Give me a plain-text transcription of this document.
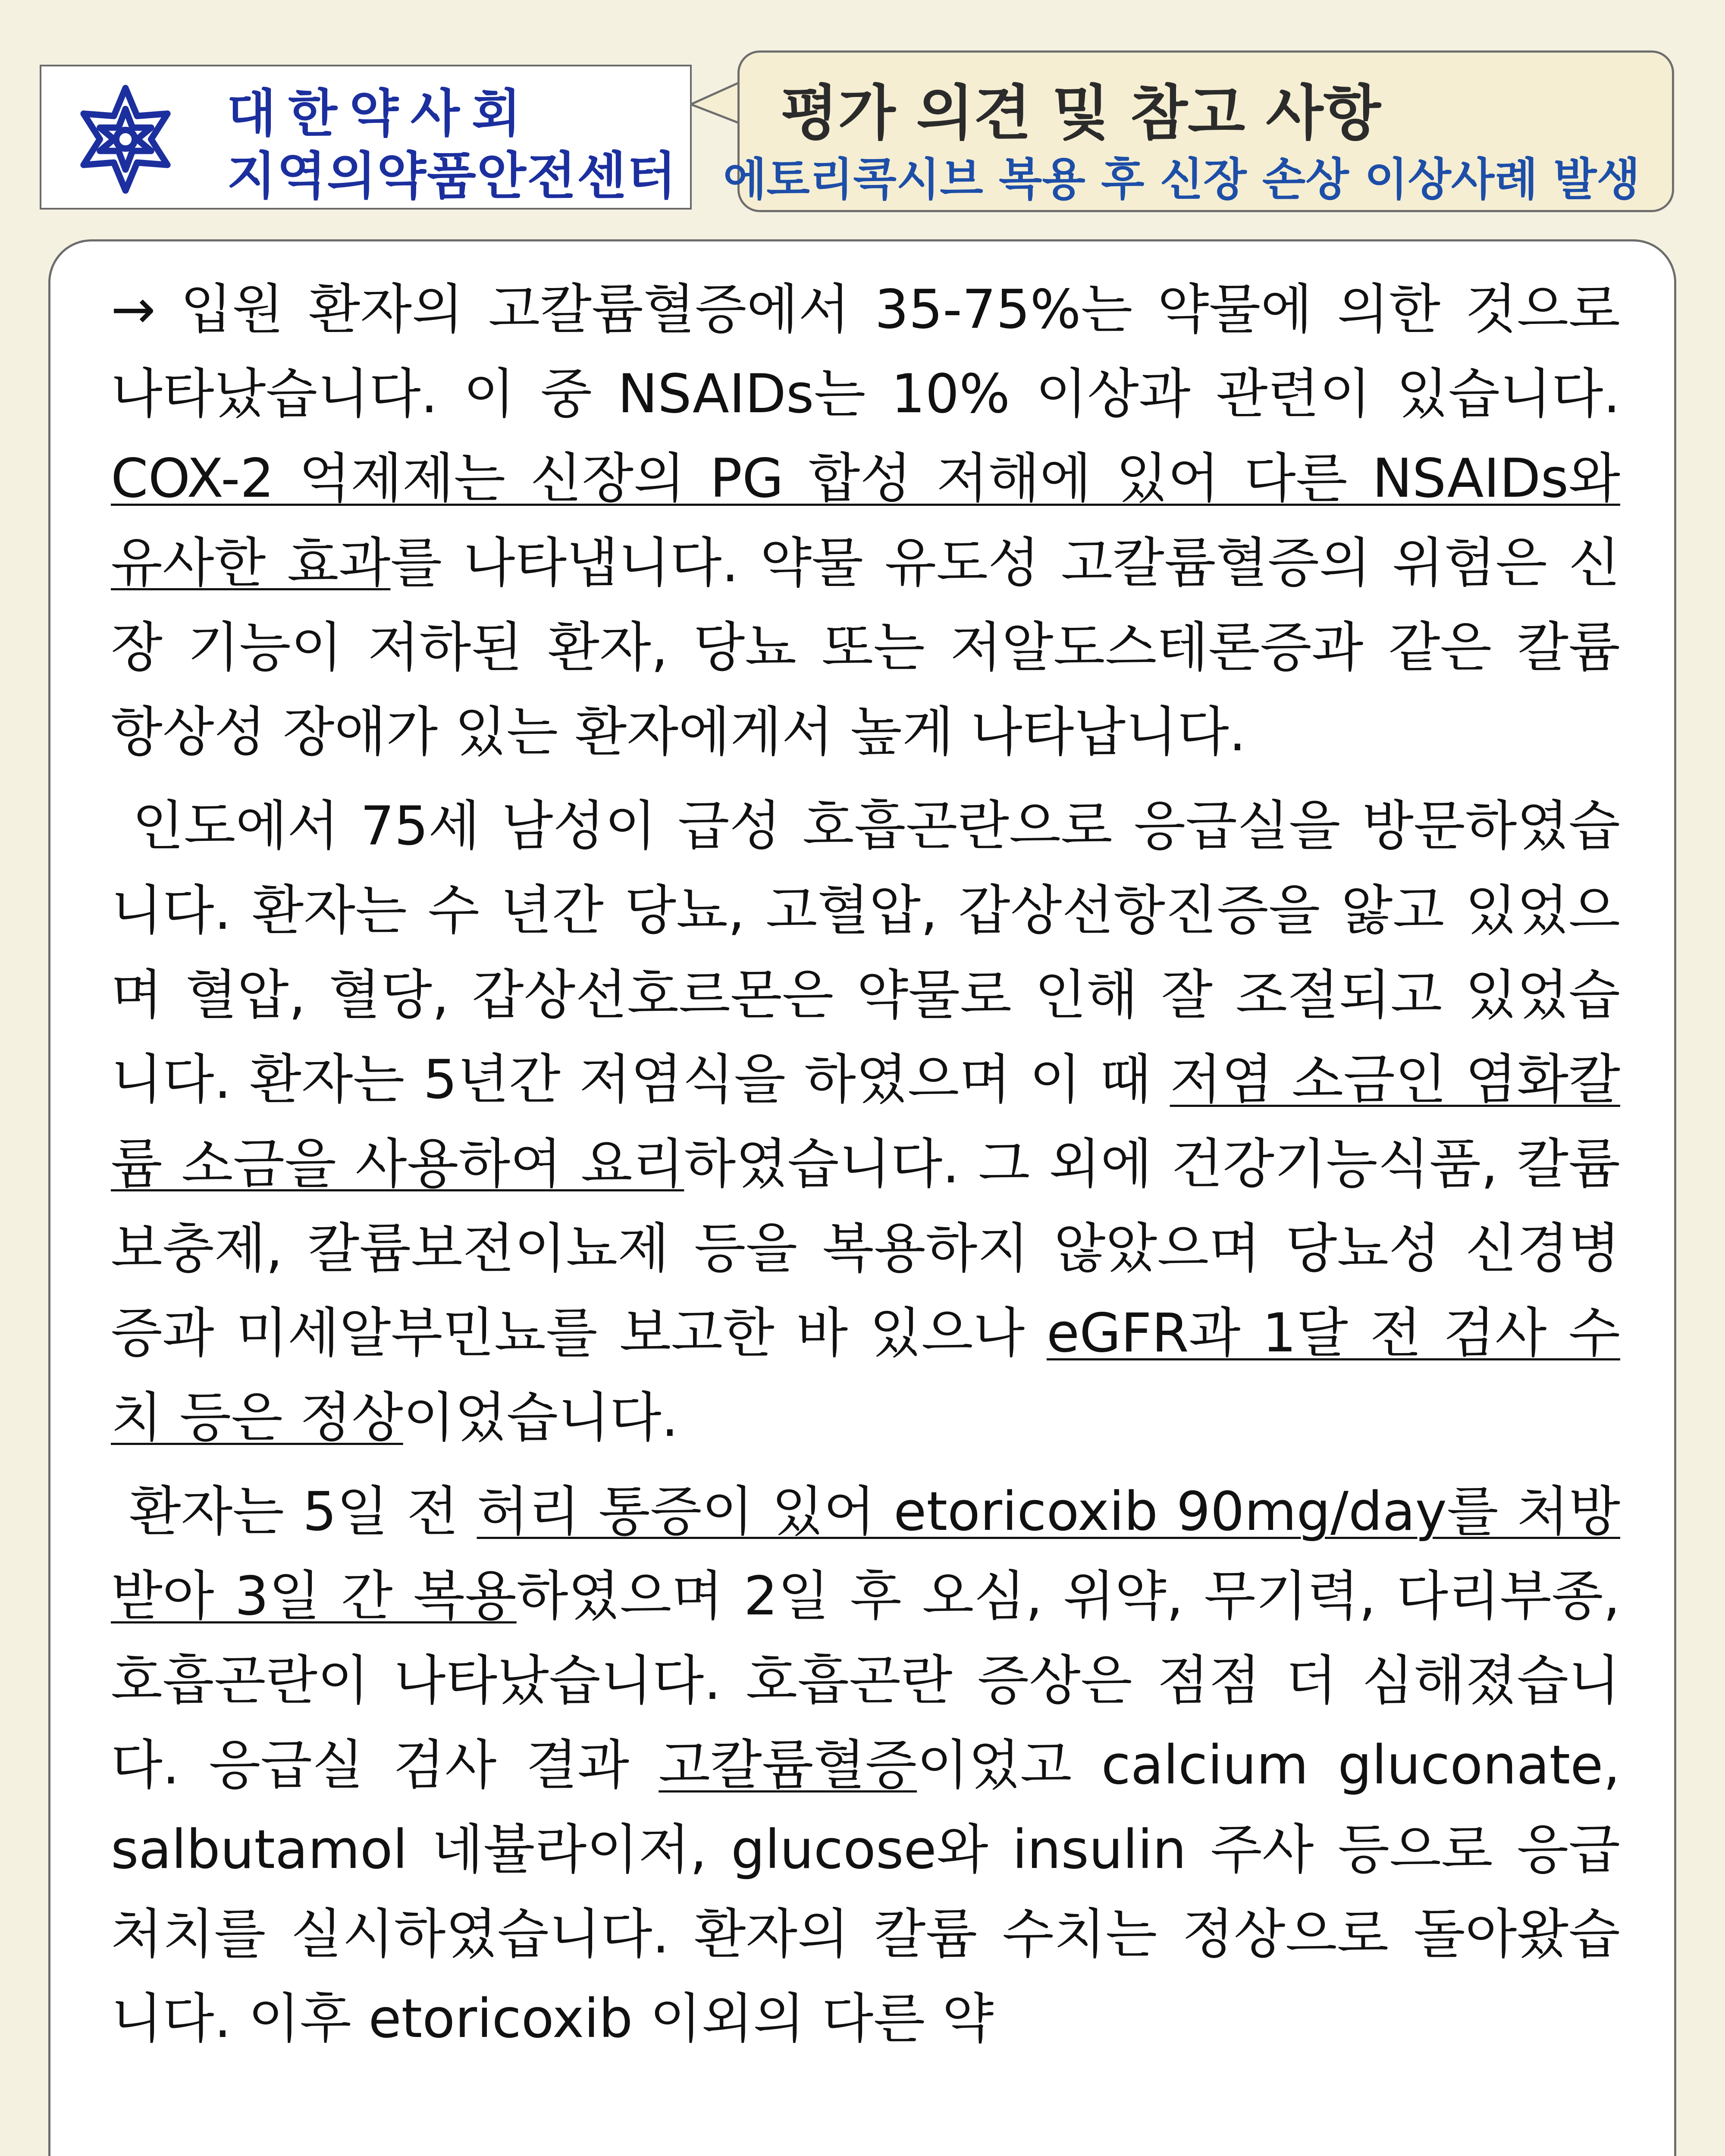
대한약사회
지역의약품안전센터
평가 의견 및 참고 사항
에토리콕시브 복용 후 신장 손상 이상사례 발생

→ 입원 환자의 고칼륨혈증에서 35-75%는 약물에 의한 것으로 나타났습니다. 이 중 NSAIDs는 10% 이상과 관련이 있습니다. COX-2 억제제는 신장의 PG 합성 저해에 있어 다른 NSAIDs와 유사한 효과를 나타냅니다. 약물 유도성 고칼륨혈증의 위험은 신장 기능이 저하된 환자, 당뇨 또는 저알도스테론증과 같은 칼륨 항상성 장애가 있는 환자에게서 높게 나타납니다.

인도에서 75세 남성이 급성 호흡곤란으로 응급실을 방문하였습니다. 환자는 수 년간 당뇨, 고혈압, 갑상선항진증을 앓고 있었으며 혈압, 혈당, 갑상선호르몬은 약물로 인해 잘 조절되고 있었습니다. 환자는 5년간 저염식을 하였으며 이 때 저염 소금인 염화칼륨 소금을 사용하여 요리하였습니다. 그 외에 건강기능식품, 칼륨 보충제, 칼륨보전이뇨제 등을 복용하지 않았으며 당뇨성 신경병증과 미세알부민뇨를 보고한 바 있으나 eGFR과 1달 전 검사 수치 등은 정상이었습니다.

환자는 5일 전 허리 통증이 있어 etoricoxib 90mg/day를 처방받아 3일 간 복용하였으며 2일 후 오심, 위약, 무기력, 다리부종, 호흡곤란이 나타났습니다. 호흡곤란 증상은 점점 더 심해졌습니다. 응급실 검사 결과 고칼륨혈증이었고 calcium gluconate, salbutamol 네뷸라이저, glucose와 insulin 주사 등으로 응급 처치를 실시하였습니다. 환자의 칼륨 수치는 정상으로 돌아왔습니다. 이후 etoricoxib 이외의 다른 약
